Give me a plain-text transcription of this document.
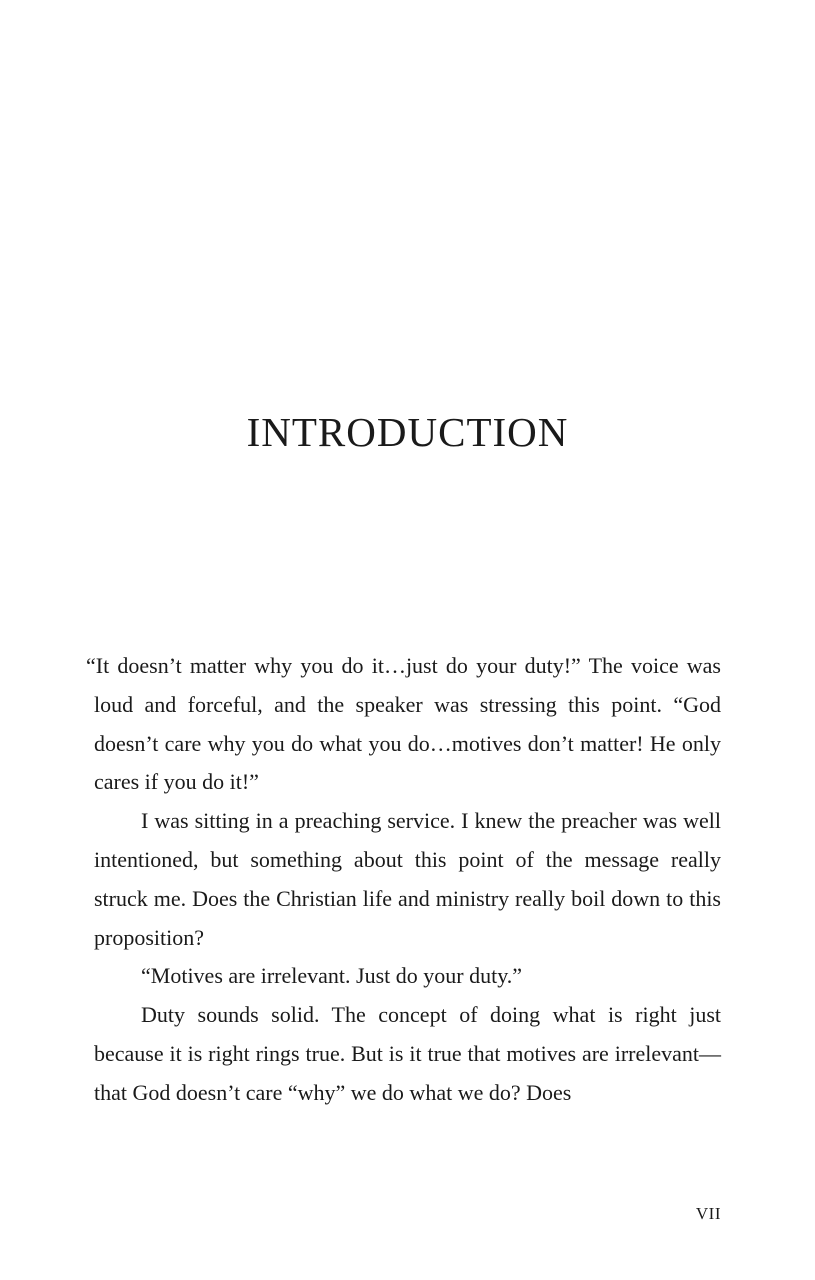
INTRODUCTION

“It doesn’t matter why you do it…just do your duty!” The voice was loud and forceful, and the speaker was stressing this point. “God doesn’t care why you do what you do…motives don’t matter! He only cares if you do it!”

I was sitting in a preaching service. I knew the preacher was well intentioned, but something about this point of the message really struck me. Does the Christian life and ministry really boil down to this proposition?

“Motives are irrelevant. Just do your duty.”

Duty sounds solid. The concept of doing what is right just because it is right rings true. But is it true that motives are irrelevant—that God doesn’t care “why” we do what we do? Does

VII
